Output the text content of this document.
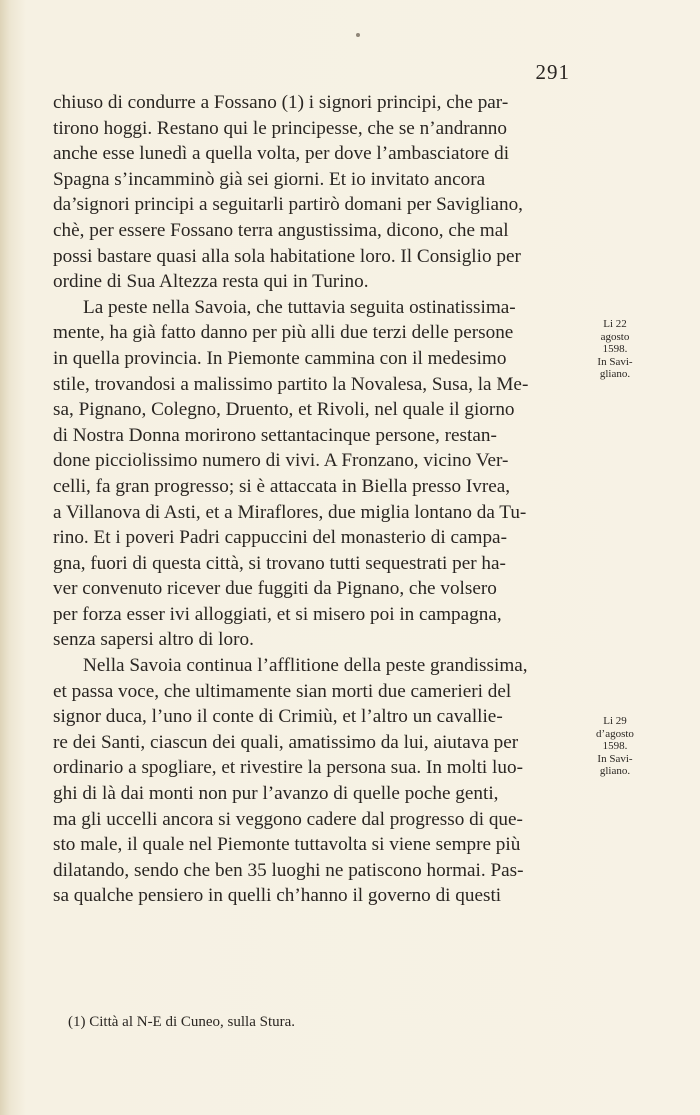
291

chiuso di condurre a Fossano (1) i signori principi, che par-
tirono hoggi. Restano qui le principesse, che se n’andranno
anche esse lunedì a quella volta, per dove l’ambasciatore di
Spagna s’incamminò già sei giorni. Et io invitato ancora
da’signori principi a seguitarli partirò domani per Savigliano,
chè, per essere Fossano terra angustissima, dicono, che mal
possi bastare quasi alla sola habitatione loro. Il Consiglio per
ordine di Sua Altezza resta qui in Turino.

La peste nella Savoia, che tuttavia seguita ostinatissima-
mente, ha già fatto danno per più alli due terzi delle persone
in quella provincia. In Piemonte cammina con il medesimo
stile, trovandosi a malissimo partito la Novalesa, Susa, la Me-
sa, Pignano, Colegno, Druento, et Rivoli, nel quale il giorno
di Nostra Donna morirono settantacinque persone, restan-
done picciolissimo numero di vivi. A Fronzano, vicino Ver-
celli, fa gran progresso; si è attaccata in Biella presso Ivrea,
a Villanova di Asti, et a Miraflores, due miglia lontano da Tu-
rino. Et i poveri Padri cappuccini del monasterio di campa-
gna, fuori di questa città, si trovano tutti sequestrati per ha-
ver convenuto ricever due fuggiti da Pignano, che volsero
per forza esser ivi alloggiati, et si misero poi in campagna,
senza sapersi altro di loro.

Nella Savoia continua l’afflitione della peste grandissima,
et passa voce, che ultimamente sian morti due camerieri del
signor duca, l’uno il conte di Crimiù, et l’altro un cavallie-
re dei Santi, ciascun dei quali, amatissimo da lui, aiutava per
ordinario a spogliare, et rivestire la persona sua. In molti luo-
ghi di là dai monti non pur l’avanzo di quelle poche genti,
ma gli uccelli ancora si veggono cadere dal progresso di que-
sto male, il quale nel Piemonte tuttavolta si viene sempre più
dilatando, sendo che ben 35 luoghi ne patiscono hormai. Pas-
sa qualche pensiero in quelli ch’hanno il governo di questi

Li 22
agosto
1598.
In Savi-
gliano.
Li 29
d’agosto
1598.
In Savi-
gliano.
(1) Città al N-E di Cuneo, sulla Stura.
